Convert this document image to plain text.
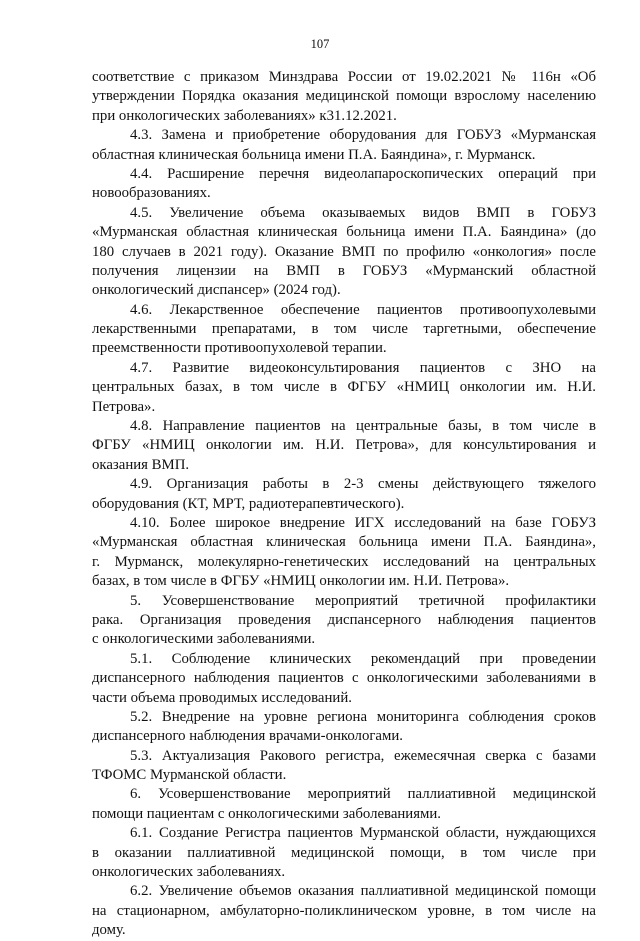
107
соответствие с приказом Минздрава России от 19.02.2021 № 116н «Об
утверждении Порядка оказания медицинской помощи взрослому населению
при онкологических заболеваниях» к31.12.2021.
4.3. Замена и приобретение оборудования для ГОБУЗ «Мурманская
областная клиническая больница имени П.А. Баяндина», г. Мурманск.
4.4. Расширение перечня видеолапароскопических операций при
новообразованиях.
4.5. Увеличение объема оказываемых видов ВМП в ГОБУЗ
«Мурманская областная клиническая больница имени П.А. Баяндина» (до
180 случаев в 2021 году). Оказание ВМП по профилю «онкология» после
получения лицензии на ВМП в ГОБУЗ «Мурманский областной
онкологический диспансер» (2024 год).
4.6. Лекарственное обеспечение пациентов противоопухолевыми
лекарственными препаратами, в том числе таргетными, обеспечение
преемственности противоопухолевой терапии.
4.7. Развитие видеоконсультирования пациентов с ЗНО на
центральных базах, в том числе в ФГБУ «НМИЦ онкологии им. Н.И.
Петрова».
4.8. Направление пациентов на центральные базы, в том числе в
ФГБУ «НМИЦ онкологии им. Н.И. Петрова», для консультирования и
оказания ВМП.
4.9. Организация работы в 2-3 смены действующего тяжелого
оборудования (КТ, МРТ, радиотерапевтического).
4.10. Более широкое внедрение ИГХ исследований на базе ГОБУЗ
«Мурманская областная клиническая больница имени П.А. Баяндина»,
г. Мурманск, молекулярно-генетических исследований на центральных
базах, в том числе в ФГБУ «НМИЦ онкологии им. Н.И. Петрова».
5. Усовершенствование мероприятий третичной профилактики
рака. Организация проведения диспансерного наблюдения пациентов
с онкологическими заболеваниями.
5.1. Соблюдение клинических рекомендаций при проведении
диспансерного наблюдения пациентов с онкологическими заболеваниями в
части объема проводимых исследований.
5.2. Внедрение на уровне региона мониторинга соблюдения сроков
диспансерного наблюдения врачами-онкологами.
5.3. Актуализация Ракового регистра, ежемесячная сверка с базами
ТФОМС Мурманской области.
6. Усовершенствование мероприятий паллиативной медицинской
помощи пациентам с онкологическими заболеваниями.
6.1. Создание Регистра пациентов Мурманской области, нуждающихся
в оказании паллиативной медицинской помощи, в том числе при
онкологических заболеваниях.
6.2. Увеличение объемов оказания паллиативной медицинской помощи
на стационарном, амбулаторно-поликлиническом уровне, в том числе на
дому.
